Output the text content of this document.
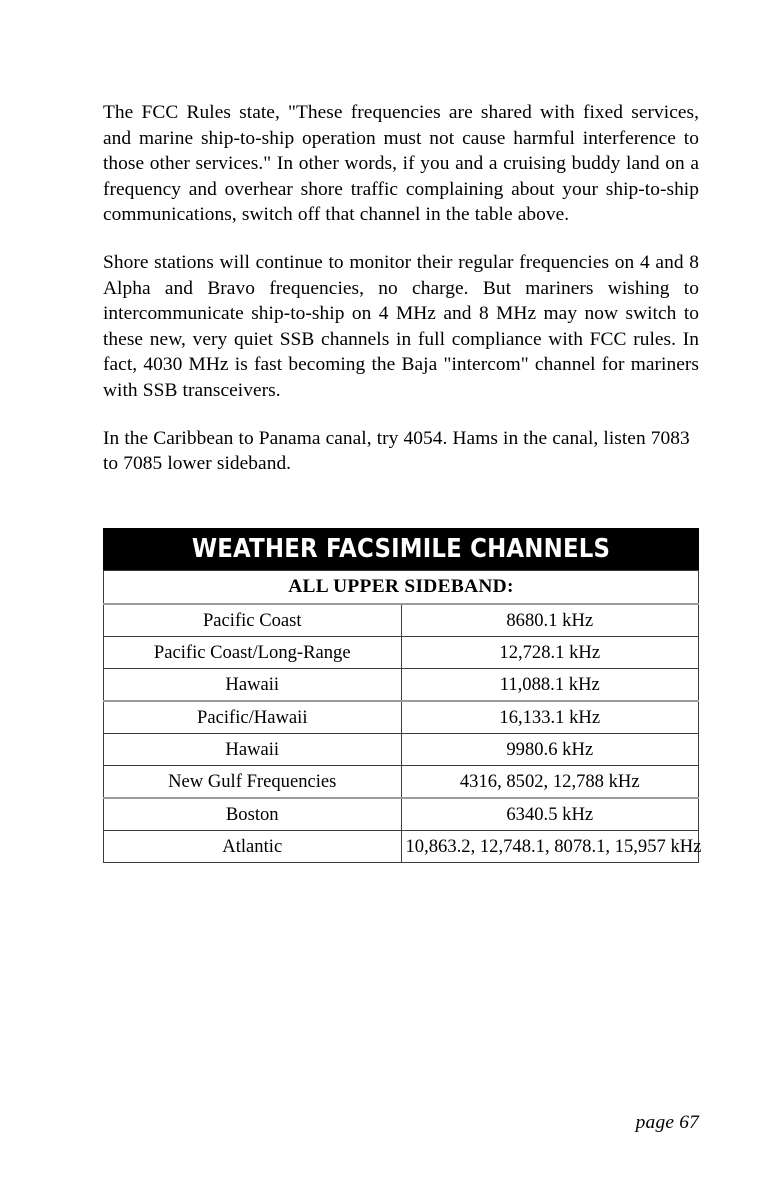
The FCC Rules state, "These frequencies are shared with fixed services, and marine ship-to-ship operation must not cause harmful interference to those other services." In other words, if you and a cruising buddy land on a frequency and overhear shore traffic complaining about your ship-to-ship communications, switch off that channel in the table above.

Shore stations will continue to monitor their regular frequencies on 4 and 8 Alpha and Bravo frequencies, no charge. But mariners wishing to intercommunicate ship-to-ship on 4 MHz and 8 MHz may now switch to these new, very quiet SSB channels in full compliance with FCC rules. In fact, 4030 MHz is fast becoming the Baja "intercom" channel for mariners with SSB transceivers.

In the Caribbean to Panama canal, try 4054. Hams in the canal, listen 7083 to 7085 lower sideband.

WEATHER FACSIMILE CHANNELS
ALL UPPER SIDEBAND:	
Pacific Coast	8680.1 kHz
Pacific Coast/Long-Range	12,728.1 kHz
Hawaii	11,088.1 kHz
Pacific/Hawaii	16,133.1 kHz
Hawaii	9980.6 kHz
New Gulf Frequencies	4316, 8502, 12,788 kHz
Boston	6340.5 kHz
Atlantic	10,863.2, 12,748.1, 8078.1, 15,957 kHz
page 67
